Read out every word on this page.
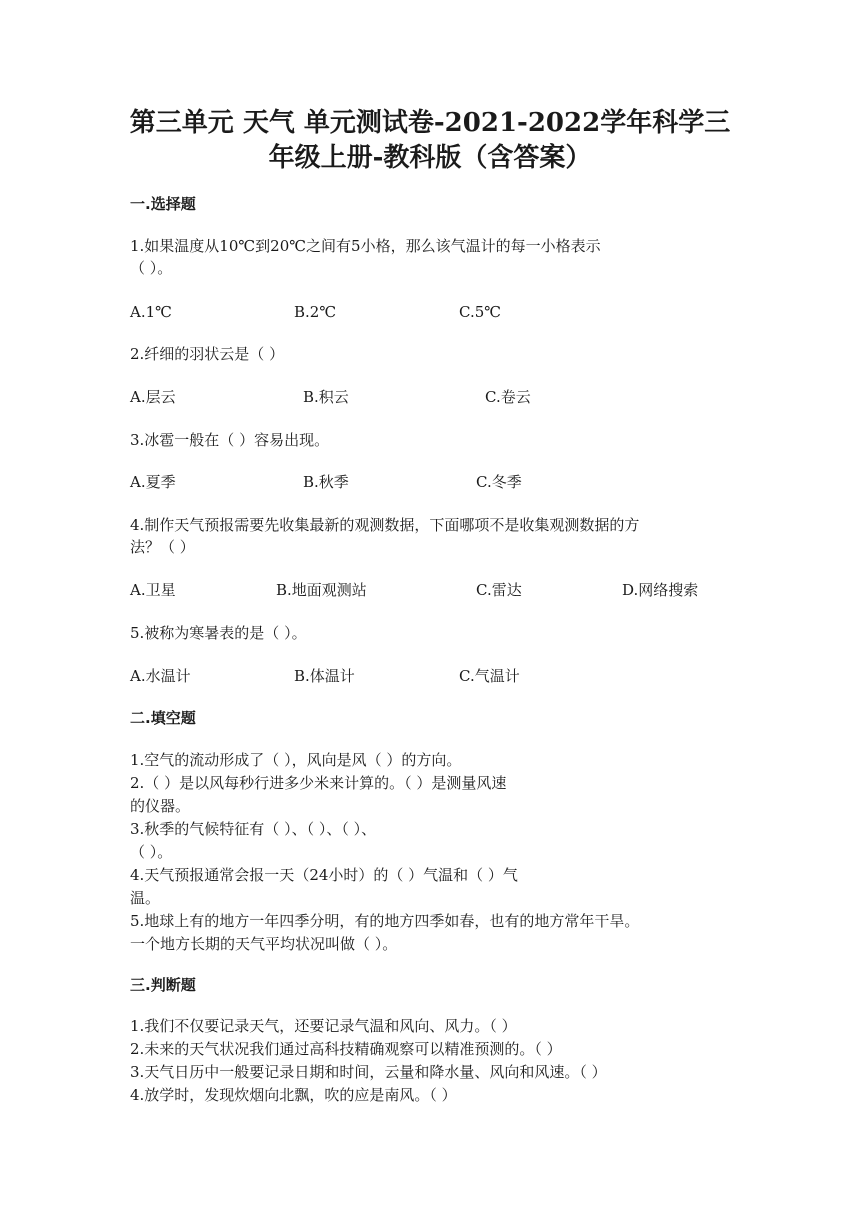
第三单元 天气 单元测试卷-2021-2022学年科学三
年级上册-教科版（含答案）
一.选择题
1.如果温度从10℃到20℃之间有5小格，那么该气温计的每一小格表示
（ ）。
A.1℃	B.2℃	C.5℃
2.纤细的羽状云是（ ）
A.层云	B.积云	C.卷云
3.冰雹一般在（ ）容易出现。
A.夏季	B.秋季	C.冬季
4.制作天气预报需要先收集最新的观测数据，下面哪项不是收集观测数据的方
法？（ ）
A.卫星	B.地面观测站	C.雷达	D.网络搜索
5.被称为寒暑表的是（ ）。
A.水温计	B.体温计	C.气温计
二.填空题
1.空气的流动形成了（ ），风向是风（ ）的方向。
2.（ ）是以风每秒行进多少米来计算的。（ ）是测量风速
的仪器。
3.秋季的气候特征有（ ）、（ ）、（ ）、
（ ）。
4.天气预报通常会报一天（24小时）的（ ）气温和（ ）气
温。
5.地球上有的地方一年四季分明，有的地方四季如春，也有的地方常年干旱。
一个地方长期的天气平均状况叫做（ ）。
三.判断题
1.我们不仅要记录天气，还要记录气温和风向、风力。（ ）
2.未来的天气状况我们通过高科技精确观察可以精准预测的。（ ）
3.天气日历中一般要记录日期和时间，云量和降水量、风向和风速。（ ）
4.放学时，发现炊烟向北飘，吹的应是南风。（ ）
